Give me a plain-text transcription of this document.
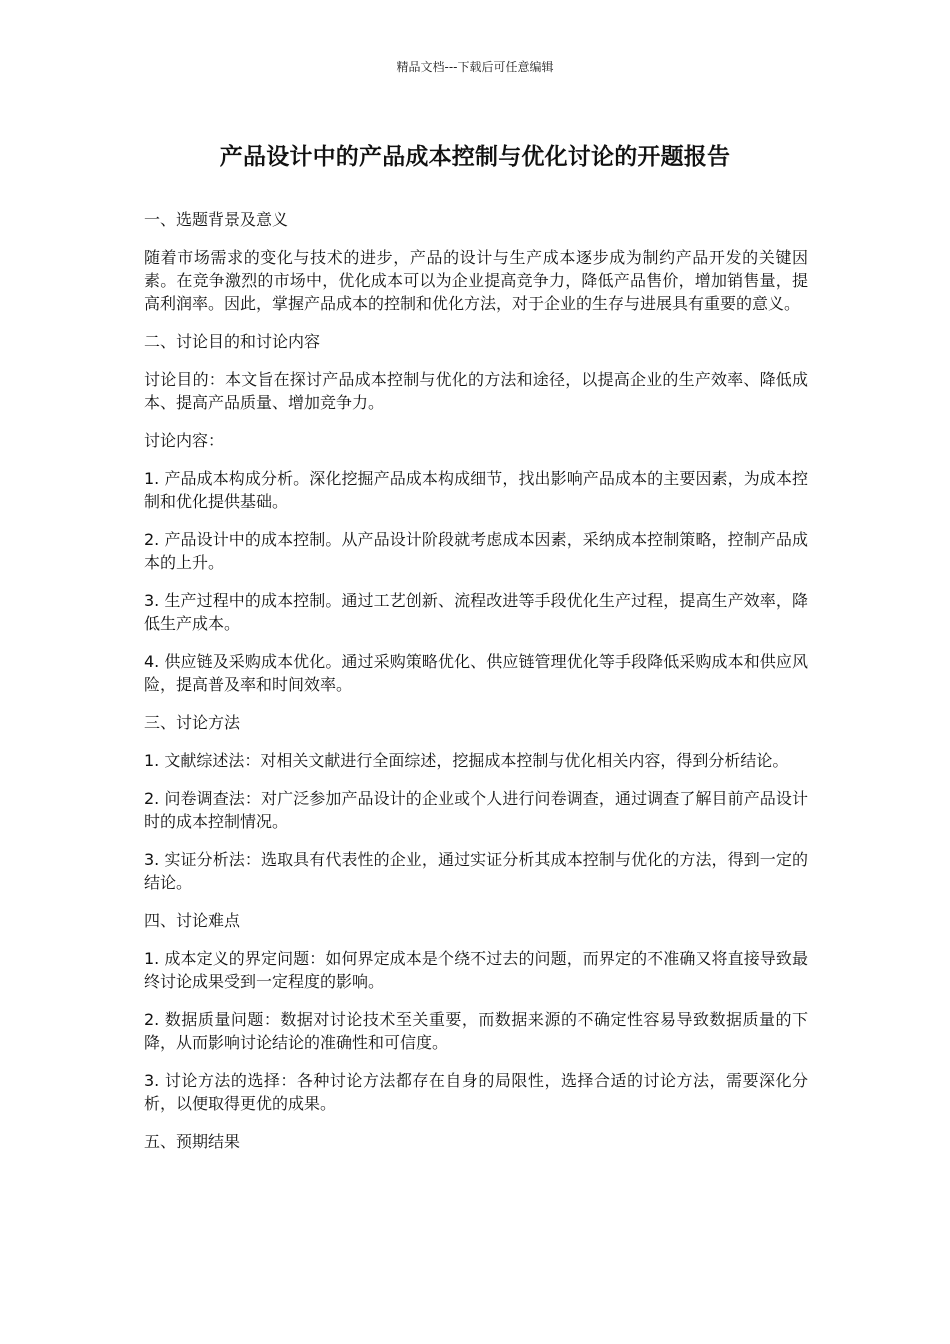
精品文档---下载后可任意编辑
产品设计中的产品成本控制与优化讨论的开题报告
一、选题背景及意义
随着市场需求的变化与技术的进步，产品的设计与生产成本逐步成为制约产品开发的关键因素。在竞争激烈的市场中，优化成本可以为企业提高竞争力，降低产品售价，增加销售量，提高利润率。因此，掌握产品成本的控制和优化方法，对于企业的生存与进展具有重要的意义。
二、讨论目的和讨论内容
讨论目的：本文旨在探讨产品成本控制与优化的方法和途径，以提高企业的生产效率、降低成本、提高产品质量、增加竞争力。
讨论内容：
1. 产品成本构成分析。深化挖掘产品成本构成细节，找出影响产品成本的主要因素，为成本控制和优化提供基础。
2. 产品设计中的成本控制。从产品设计阶段就考虑成本因素，采纳成本控制策略，控制产品成本的上升。
3. 生产过程中的成本控制。通过工艺创新、流程改进等手段优化生产过程，提高生产效率，降低生产成本。
4. 供应链及采购成本优化。通过采购策略优化、供应链管理优化等手段降低采购成本和供应风险，提高普及率和时间效率。
三、讨论方法
1. 文献综述法：对相关文献进行全面综述，挖掘成本控制与优化相关内容，得到分析结论。
2. 问卷调查法：对广泛参加产品设计的企业或个人进行问卷调查，通过调查了解目前产品设计时的成本控制情况。
3. 实证分析法：选取具有代表性的企业，通过实证分析其成本控制与优化的方法，得到一定的结论。
四、讨论难点
1. 成本定义的界定问题：如何界定成本是个绕不过去的问题，而界定的不准确又将直接导致最终讨论成果受到一定程度的影响。
2. 数据质量问题：数据对讨论技术至关重要，而数据来源的不确定性容易导致数据质量的下降，从而影响讨论结论的准确性和可信度。
3. 讨论方法的选择：各种讨论方法都存在自身的局限性，选择合适的讨论方法，需要深化分析，以便取得更优的成果。
五、预期结果
